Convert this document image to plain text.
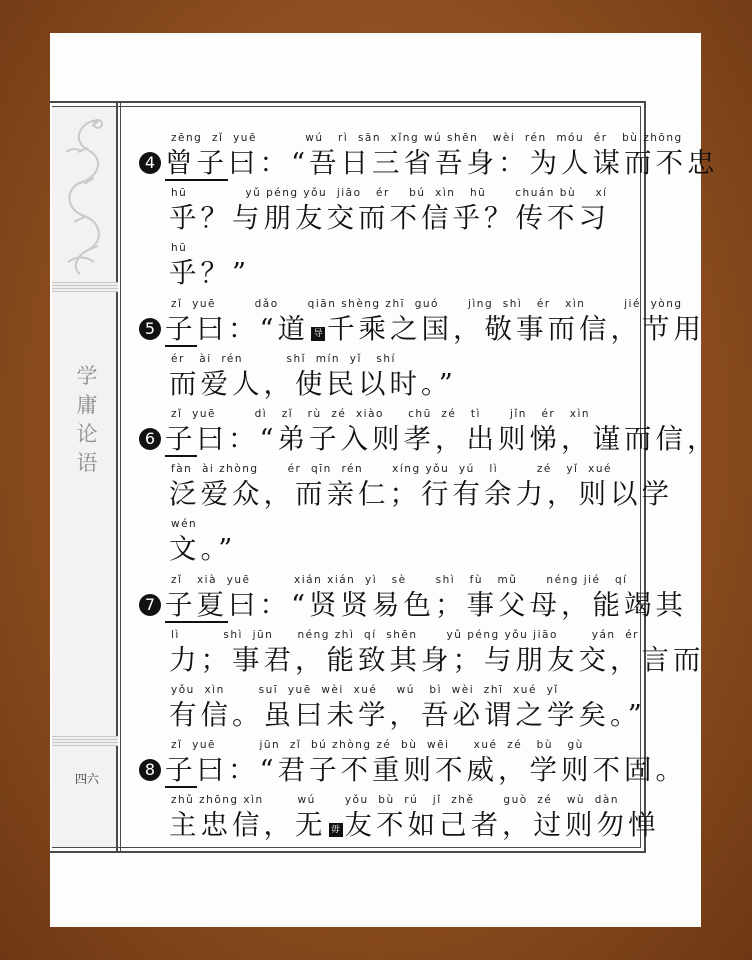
学
庸
论
语
四六
zēng  zǐ  yuē          wú   rì  sān  xǐng wú shēn   wèi  rén  móu  ér   bù zhōng
4 曾子曰：“吾日三省吾身：为人谋而不忠
hū            yǔ péng yǒu  jiāo   ér    bú  xìn   hū      chuán bù    xí
乎？与朋友交而不信乎？传不习
hū
乎？”
zǐ  yuē        dǎo      qiān shèng zhī  guó      jìng  shì   ér   xìn        jié  yòng
5 子曰：“道 导 千乘之国，敬事而信，节用
ér   ài  rén         shǐ  mín  yǐ   shí
而爱人，使民以时。”
zǐ  yuē        dì   zǐ   rù  zé  xiào     chū  zé   tì      jǐn   ér   xìn
6 子曰：“弟子入则孝，出则悌，谨而信，
fàn  ài zhòng      ér  qīn  rén      xíng yǒu  yú   lì        zé   yǐ  xué
泛爱众，而亲仁；行有余力，则以学
wén
文。”
zǐ   xià  yuē         xián xián  yì   sè      shì   fù   mǔ      néng jié   qí
7 子夏曰：“贤贤易色；事父母，能竭其
lì         shì  jūn     néng zhì  qí  shēn      yǔ péng yǒu jiāo       yán  ér
力；事君，能致其身；与朋友交，言而
yǒu  xìn       suī  yuē  wèi  xué    wú   bì  wèi  zhī  xué  yǐ
有信。虽曰未学，吾必谓之学矣。”
zǐ  yuē         jūn  zǐ  bú zhòng zé  bù  wēi     xué  zé   bù   gù
8 子曰：“君子不重则不威，学则不固。
zhǔ zhōng xìn       wú      yǒu  bù  rú   jǐ  zhě      guò  zé   wù  dàn
主忠信，无 毋 友不如己者，过则勿惮
